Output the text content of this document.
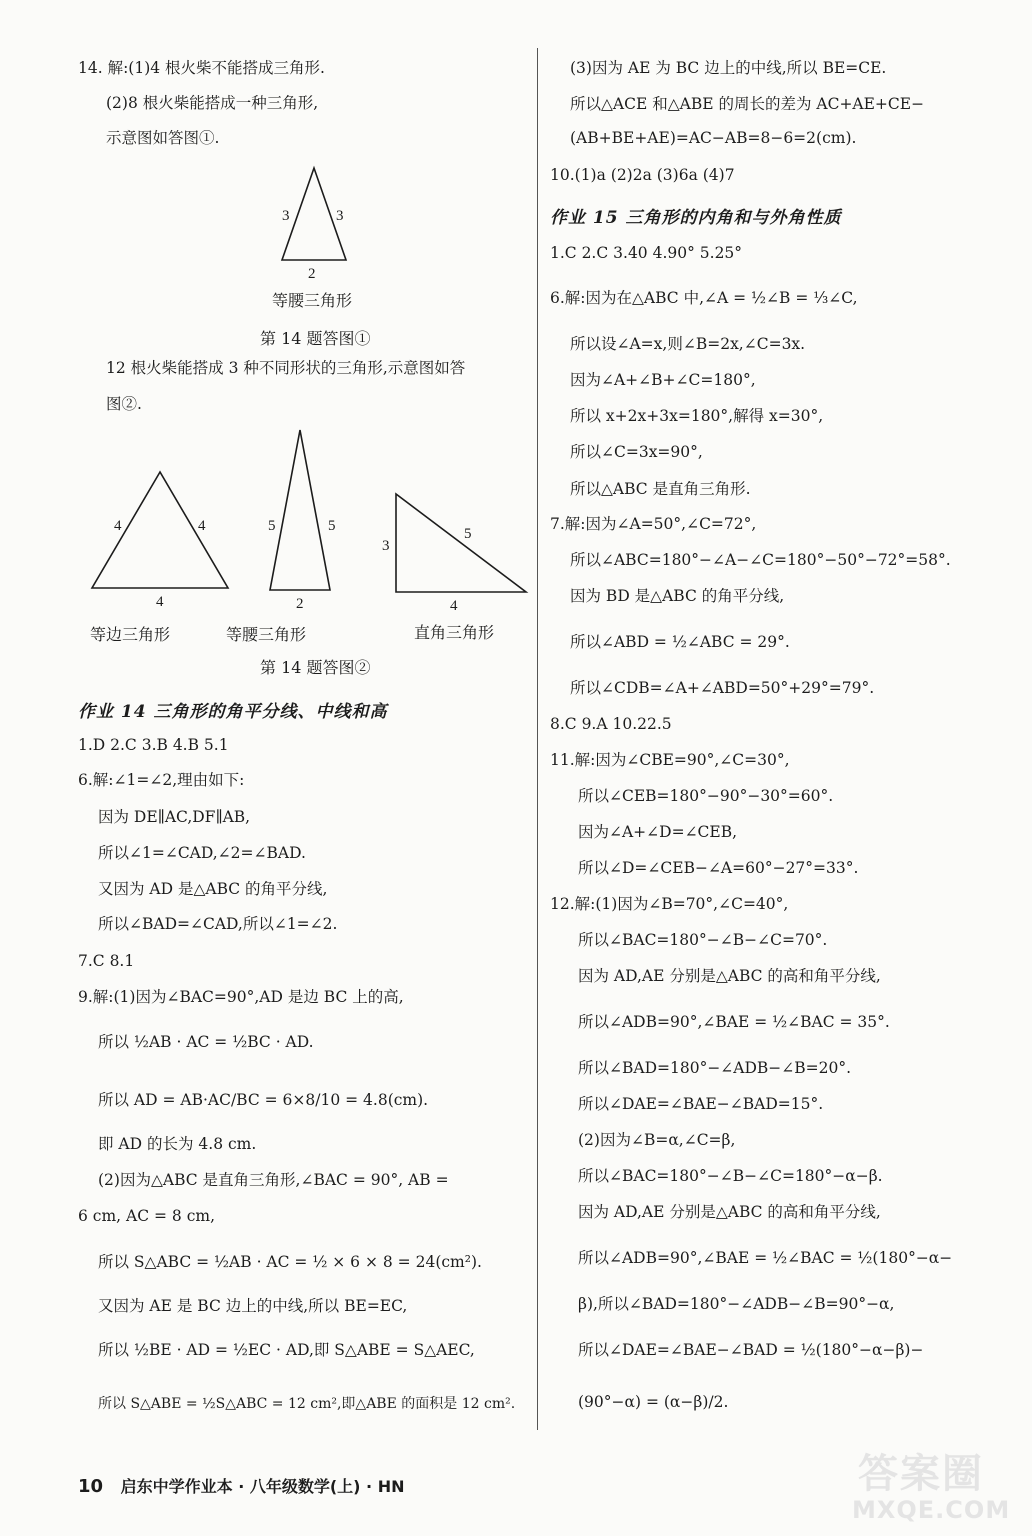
14. 解:(1)4 根火柴不能搭成三角形.
(2)8 根火柴能搭成一种三角形,
示意图如答图①.
3	3
2
等腰三角形
第 14 题答图①
12 根火柴能搭成 3 种不同形状的三角形,示意图如答
图②.
4	4
4
5	5
2
3
5
4
等边三角形	等腰三角形	直角三角形
第 14 题答图②
作业 14 三角形的角平分线、中线和高
1.D 2.C 3.B 4.B 5.1
6.解:∠1=∠2,理由如下:
因为 DE∥AC,DF∥AB,
所以∠1=∠CAD,∠2=∠BAD.
又因为 AD 是△ABC 的角平分线,
所以∠BAD=∠CAD,所以∠1=∠2.
7.C 8.1
9.解:(1)因为∠BAC=90°,AD 是边 BC 上的高,
所以 ½AB · AC = ½BC · AD.
所以 AD = AB·AC/BC = 6×8/10 = 4.8(cm).
即 AD 的长为 4.8 cm.
(2)因为△ABC 是直角三角形,∠BAC = 90°, AB =
6 cm, AC = 8 cm,
所以 S△ABC = ½AB · AC = ½ × 6 × 8 = 24(cm²).
又因为 AE 是 BC 边上的中线,所以 BE=EC,
所以 ½BE · AD = ½EC · AD,即 S△ABE = S△AEC,
所以 S△ABE = ½S△ABC = 12 cm²,即△ABE 的面积是 12 cm².
(3)因为 AE 为 BC 边上的中线,所以 BE=CE.
所以△ACE 和△ABE 的周长的差为 AC+AE+CE−
(AB+BE+AE)=AC−AB=8−6=2(cm).
10.(1)a (2)2a (3)6a (4)7
作业 15 三角形的内角和与外角性质
1.C 2.C 3.40 4.90° 5.25°
6.解:因为在△ABC 中,∠A = ½∠B = ⅓∠C,
所以设∠A=x,则∠B=2x,∠C=3x.
因为∠A+∠B+∠C=180°,
所以 x+2x+3x=180°,解得 x=30°,
所以∠C=3x=90°,
所以△ABC 是直角三角形.
7.解:因为∠A=50°,∠C=72°,
所以∠ABC=180°−∠A−∠C=180°−50°−72°=58°.
因为 BD 是△ABC 的角平分线,
所以∠ABD = ½∠ABC = 29°.
所以∠CDB=∠A+∠ABD=50°+29°=79°.
8.C 9.A 10.22.5
11.解:因为∠CBE=90°,∠C=30°,
所以∠CEB=180°−90°−30°=60°.
因为∠A+∠D=∠CEB,
所以∠D=∠CEB−∠A=60°−27°=33°.
12.解:(1)因为∠B=70°,∠C=40°,
所以∠BAC=180°−∠B−∠C=70°.
因为 AD,AE 分别是△ABC 的高和角平分线,
所以∠ADB=90°,∠BAE = ½∠BAC = 35°.
所以∠BAD=180°−∠ADB−∠B=20°.
所以∠DAE=∠BAE−∠BAD=15°.
(2)因为∠B=α,∠C=β,
所以∠BAC=180°−∠B−∠C=180°−α−β.
因为 AD,AE 分别是△ABC 的高和角平分线,
所以∠ADB=90°,∠BAE = ½∠BAC = ½(180°−α−
β),所以∠BAD=180°−∠ADB−∠B=90°−α,
所以∠DAE=∠BAE−∠BAD = ½(180°−α−β)−
(90°−α) = (α−β)/2.
10 启东中学作业本 · 八年级数学(上) · HN	答案圈
MXQE.COM
